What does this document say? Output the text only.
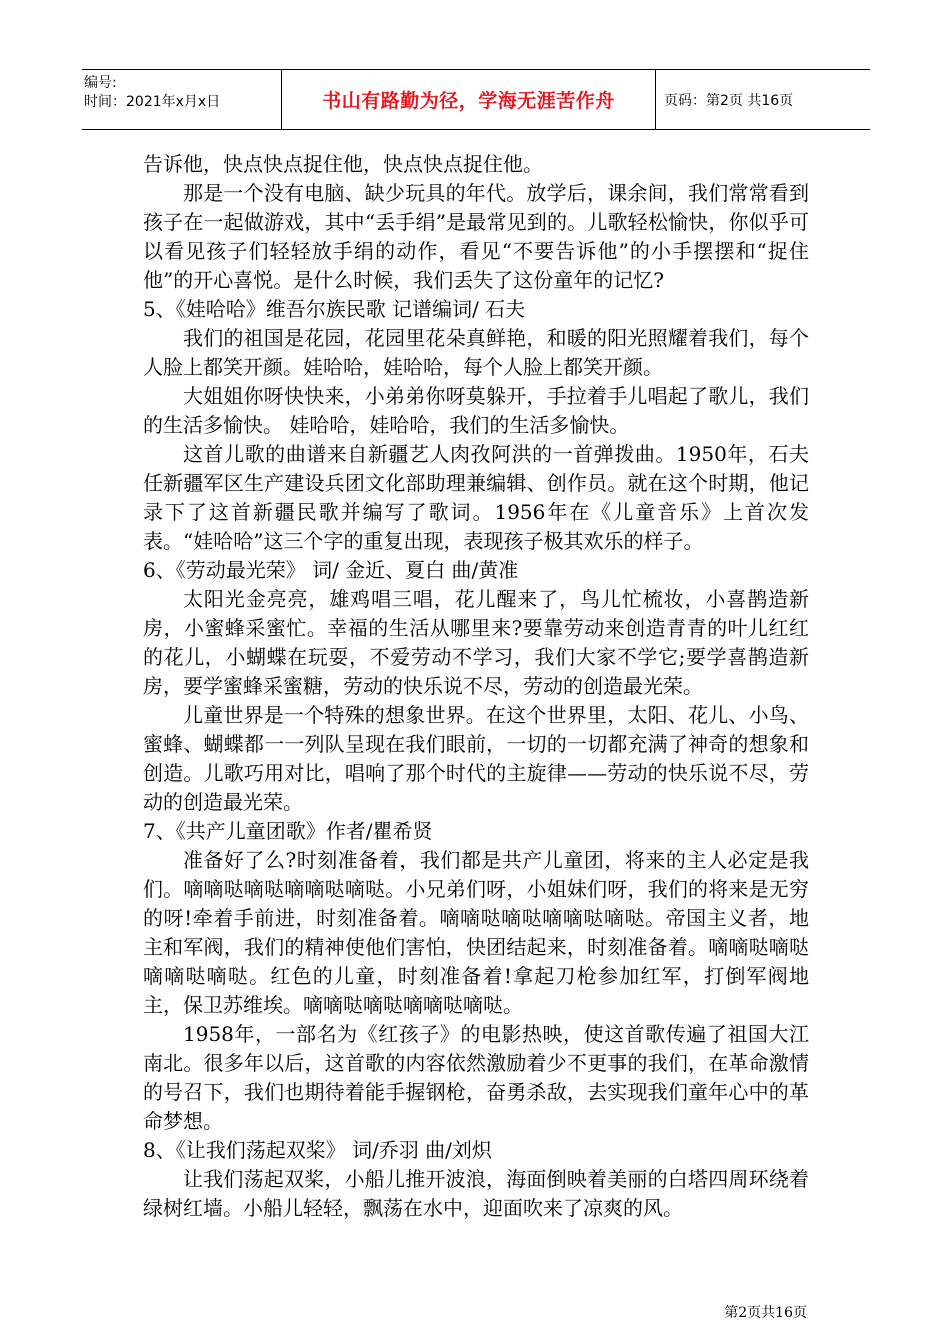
编号:
时间：2021年x月x日	书山有路勤为径，学海无涯苦作舟	页码：第2页 共16页

告诉他，快点快点捉住他，快点快点捉住他。

那是一个没有电脑、缺少玩具的年代。放学后，课余间，我们常常看到孩子在一起做游戏，其中“丢手绢”是最常见到的。儿歌轻松愉快，你似乎可以看见孩子们轻轻放手绢的动作，看见“不要告诉他”的小手摆摆和“捉住他”的开心喜悦。是什么时候，我们丢失了这份童年的记忆?

5、《娃哈哈》维吾尔族民歌 记谱编词/ 石夫

我们的祖国是花园，花园里花朵真鲜艳，和暖的阳光照耀着我们，每个人脸上都笑开颜。娃哈哈，娃哈哈，每个人脸上都笑开颜。

大姐姐你呀快快来，小弟弟你呀莫躲开，手拉着手儿唱起了歌儿，我们的生活多愉快。 娃哈哈，娃哈哈，我们的生活多愉快。

这首儿歌的曲谱来自新疆艺人肉孜阿洪的一首弹拨曲。1950年，石夫任新疆军区生产建设兵团文化部助理兼编辑、创作员。就在这个时期，他记录下了这首新疆民歌并编写了歌词。1956年在《儿童音乐》上首次发表。“娃哈哈”这三个字的重复出现，表现孩子极其欢乐的样子。

6、《劳动最光荣》 词/ 金近、夏白 曲/黄准

太阳光金亮亮，雄鸡唱三唱，花儿醒来了，鸟儿忙梳妆，小喜鹊造新房，小蜜蜂采蜜忙。幸福的生活从哪里来?要靠劳动来创造青青的叶儿红红的花儿，小蝴蝶在玩耍，不爱劳动不学习，我们大家不学它;要学喜鹊造新房，要学蜜蜂采蜜糖，劳动的快乐说不尽，劳动的创造最光荣。

儿童世界是一个特殊的想象世界。在这个世界里，太阳、花儿、小鸟、蜜蜂、蝴蝶都一一列队呈现在我们眼前，一切的一切都充满了神奇的想象和创造。儿歌巧用对比，唱响了那个时代的主旋律——劳动的快乐说不尽，劳动的创造最光荣。

7、《共产儿童团歌》作者/瞿希贤

准备好了么?时刻准备着，我们都是共产儿童团，将来的主人必定是我们。嘀嘀哒嘀哒嘀嘀哒嘀哒。小兄弟们呀，小姐妹们呀，我们的将来是无穷的呀!牵着手前进，时刻准备着。嘀嘀哒嘀哒嘀嘀哒嘀哒。帝国主义者，地主和军阀，我们的精神使他们害怕，快团结起来，时刻准备着。嘀嘀哒嘀哒嘀嘀哒嘀哒。红色的儿童，时刻准备着!拿起刀枪参加红军，打倒军阀地主，保卫苏维埃。嘀嘀哒嘀哒嘀嘀哒嘀哒。

1958年，一部名为《红孩子》的电影热映，使这首歌传遍了祖国大江南北。很多年以后，这首歌的内容依然激励着少不更事的我们，在革命激情的号召下，我们也期待着能手握钢枪，奋勇杀敌，去实现我们童年心中的革命梦想。

8、《让我们荡起双桨》 词/乔羽 曲/刘炽

让我们荡起双桨，小船儿推开波浪，海面倒映着美丽的白塔四周环绕着绿树红墙。小船儿轻轻，飘荡在水中，迎面吹来了凉爽的风。

第2页共16页
